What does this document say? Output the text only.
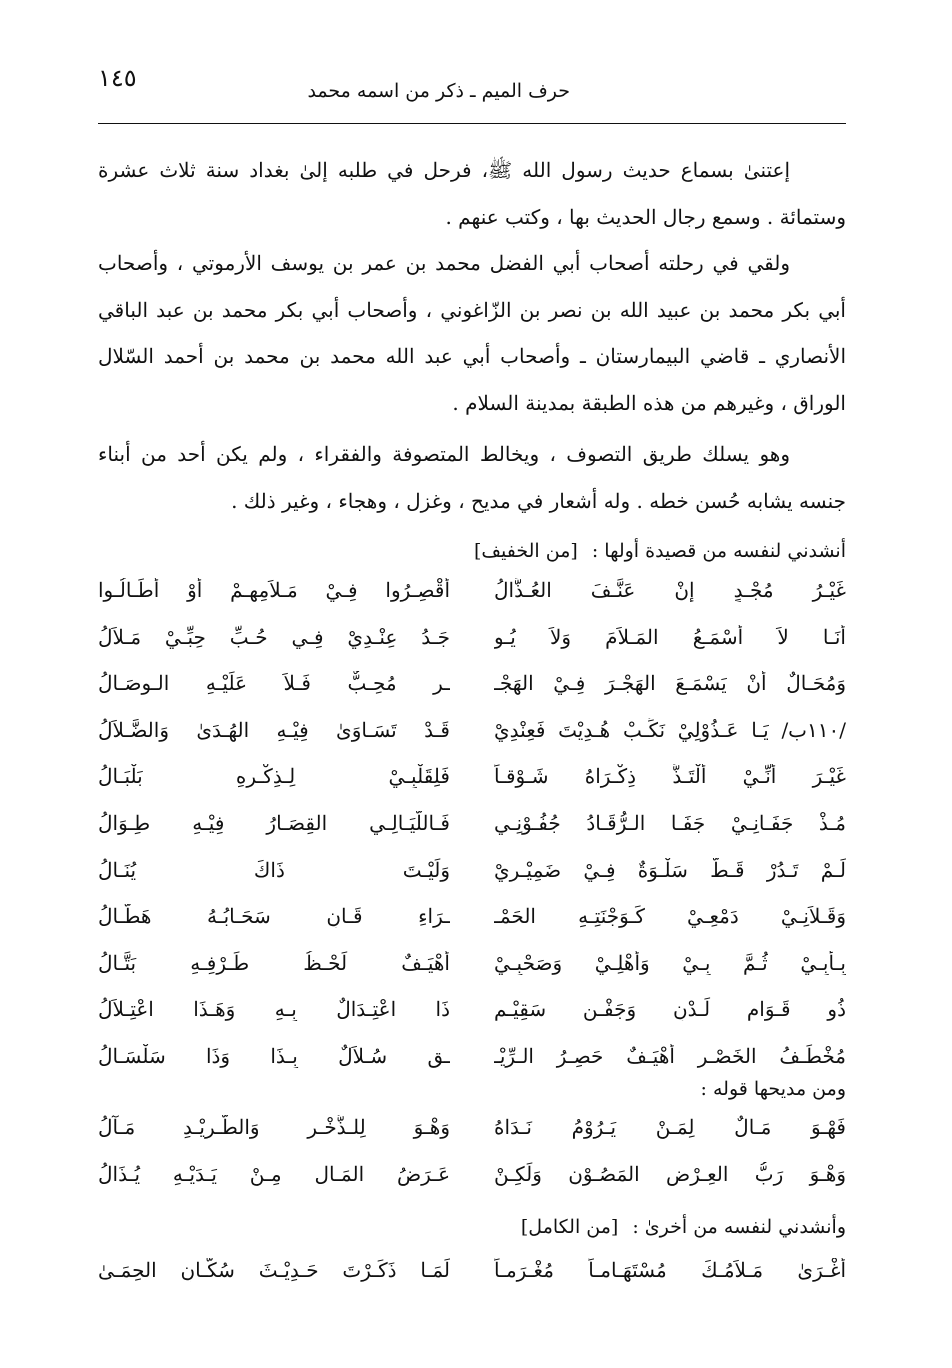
١٤٥	حرف الميم ـ ذكر من اسمه محمد

إعتنىٰ بسماع حديث رسول الله ﷺ، فرحل في طلبه إلىٰ بغداد سنة ثلاث عشرة وستمائة . وسمع رجال الحديث بها ، وكتب عنهم .

ولقي في رحلته أصحاب أبي الفضل محمد بن عمر بن يوسف الأرموتي ، وأصحاب أبي بكر محمد بن عبيد الله بن نصر بن الزّاغوني ، وأصحاب أبي بكر محمد بن عبد الباقي الأنصاري ـ قاضي البيمارستان ـ وأصحاب أبي عبد الله محمد بن محمد بن أحمد السّلال الوراق ، وغيرهم من هذه الطبقة بمدينة السلام .

وهو يسلك طريق التصوف ، ويخالط المتصوفة والفقراء ، ولم يكن أحد من أبناء جنسه يشابه حُسن خطه . وله أشعار في مديح ، وغزل ، وهجاء ، وغير ذلك .

أنشدني لنفسه من قصيدة أولها : [من الخفيف]
غَيْـرُ مُجْـدٍ إنْ عَنَّـفَ العُـذَّالُ
أقْصِـرُوا فِـيْ مَـلاَمِهِـمْ أوْ أطَـالُـوا
أنَـا لاَ أسْمَـعُ المَـلاَمَ وَلاَ يُـو
جَـدُ عِنْـدِيْ فِـي حُـبِّ حِبِّـيْ مَـلاَلُ
وَمُحَـالٌ أنْ يَسْمَـعَ الهَجْـرَ فِـيْ الهَجْـ
ـرِ مُحِـبٌّ فَـلاَ عَلَيْـهِ الـوِصَـالُ
/١١٠ب/ يَـا عَـذُوْلِيْ نَكِّـبْ هُـدِيْتَ فَعِنْدِيْ
قَـدْ تَسَـاوَىٰ فِيْـهِ الهُـدَىٰ وَالضَّـلاَلُ
غَيْـرَ أنِّـيْ ألْتَـذُّ ذِكْـرَاهُ شَـوْقـاً
فَلِقَلْبِـيْ لِـذِكْـرِهِ بَلْبَـالُ
مُـذْ جَفَـانِـيْ جَفَـا الـرُّقَـادُ جُفُـوْنِـي
فَـاللَّيَـالِـي القِصَـارُ فِيْـهِ طِـوَالُ
لَـمْ تَـدُرْ قَـطُّ سَلْـوَةٌ فِـيْ ضَمِيْـرِيْ
وَلَيْـتَ ذَاكَ يُنَـالُ
وَقَـلاَنِـيْ دَمْعِـيْ كَـوَجْنَتِـهِ الحَمْـ
ـرَاءِ قَـانٍ سَحَـابُـهُ هَطَّـالُ
بِـأبِـيْ ثُـمَّ بِـيْ وَأهْلِـيْ وَصَحْبِـيْ
أهْيَـفٌ لَحْـظُ طَـرْفِـهِ بَتَّـالُ
ذُو قَـوَامٍ لَـدْنٍ وَجَفْـنٍ سَقِيْـمٍ
ذَا اعْتِـدَالٌ بِـهِ وَهَـذَا اعْتِـلاَلُ
مُخْطَـفُ الخَصْـرِ أهْيَـفٌ حَصِـرُ الـرِّيْـ
ـقِ سُـلاَلٌ بِـذَا وَذَا سَلْسَـالُ
ومن مديحها قوله :
فَهْـوَ مَـالٌ لِمَـنْ يَـرُوْمُ نَـدَاهُ
وَهْـوَ لِلـذُّخْـرِ وَالطَّـرِيْـدِ مَـآلُ
وَهْـوَ رَبُّ العِـرْضِ المَصُـوْنِ وَلَكِـنْ
عَـرَضُ المَـالِ مِـنْ يَـدَيْـهِ يُـذَالُ
وأنشدني لنفسه من أخرىٰ : [من الكامل]
أغْـرَىٰ مَـلاَمُـكَ مُسْتَهَـامـاً مُغْـرَمـاً
لَمَـا ذَكَـرْتَ حَـدِيْـثَ سُكَّـانِ الحِمَـىٰ
